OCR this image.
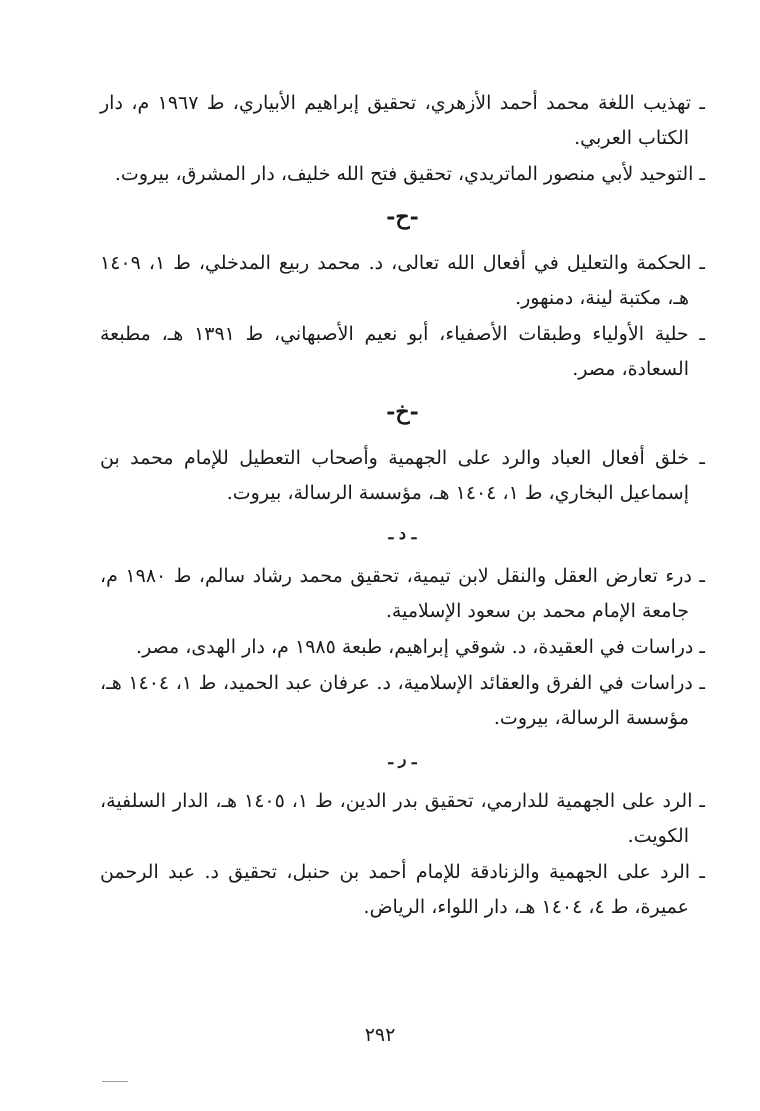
ـ تهذيب اللغة محمد أحمد الأزهري، تحقيق إبراهيم الأبياري، ط ١٩٦٧ م، دار الكتاب العربي.

ـ التوحيد لأبي منصور الماتريدي، تحقيق فتح الله خليف، دار المشرق، بيروت.

-ح-

ـ الحكمة والتعليل في أفعال الله تعالى، د. محمد ربيع المدخلي، ط ١، ١٤٠٩ هـ، مكتبة لينة، دمنهور.

ـ حلية الأولياء وطبقات الأصفياء، أبو نعيم الأصبهاني، ط ١٣٩١ هـ، مطبعة السعادة، مصر.

-خ-

ـ خلق أفعال العباد والرد على الجهمية وأصحاب التعطيل للإمام محمد بن إسماعيل البخاري، ط ١، ١٤٠٤ هـ، مؤسسة الرسالة، بيروت.

ـ د ـ

ـ درء تعارض العقل والنقل لابن تيمية، تحقيق محمد رشاد سالم، ط ١٩٨٠ م، جامعة الإمام محمد بن سعود الإسلامية.

ـ دراسات في العقيدة، د. شوقي إبراهيم، طبعة ١٩٨٥ م، دار الهدى، مصر.

ـ دراسات في الفرق والعقائد الإسلامية، د. عرفان عبد الحميد، ط ١، ١٤٠٤ هـ، مؤسسة الرسالة، بيروت.

ـ ر ـ

ـ الرد على الجهمية للدارمي، تحقيق بدر الدين، ط ١، ١٤٠٥ هـ، الدار السلفية، الكويت.

ـ الرد على الجهمية والزنادقة للإمام أحمد بن حنبل، تحقيق د. عبد الرحمن عميرة، ط ٤، ١٤٠٤ هـ، دار اللواء، الرياض.

٢٩٢
